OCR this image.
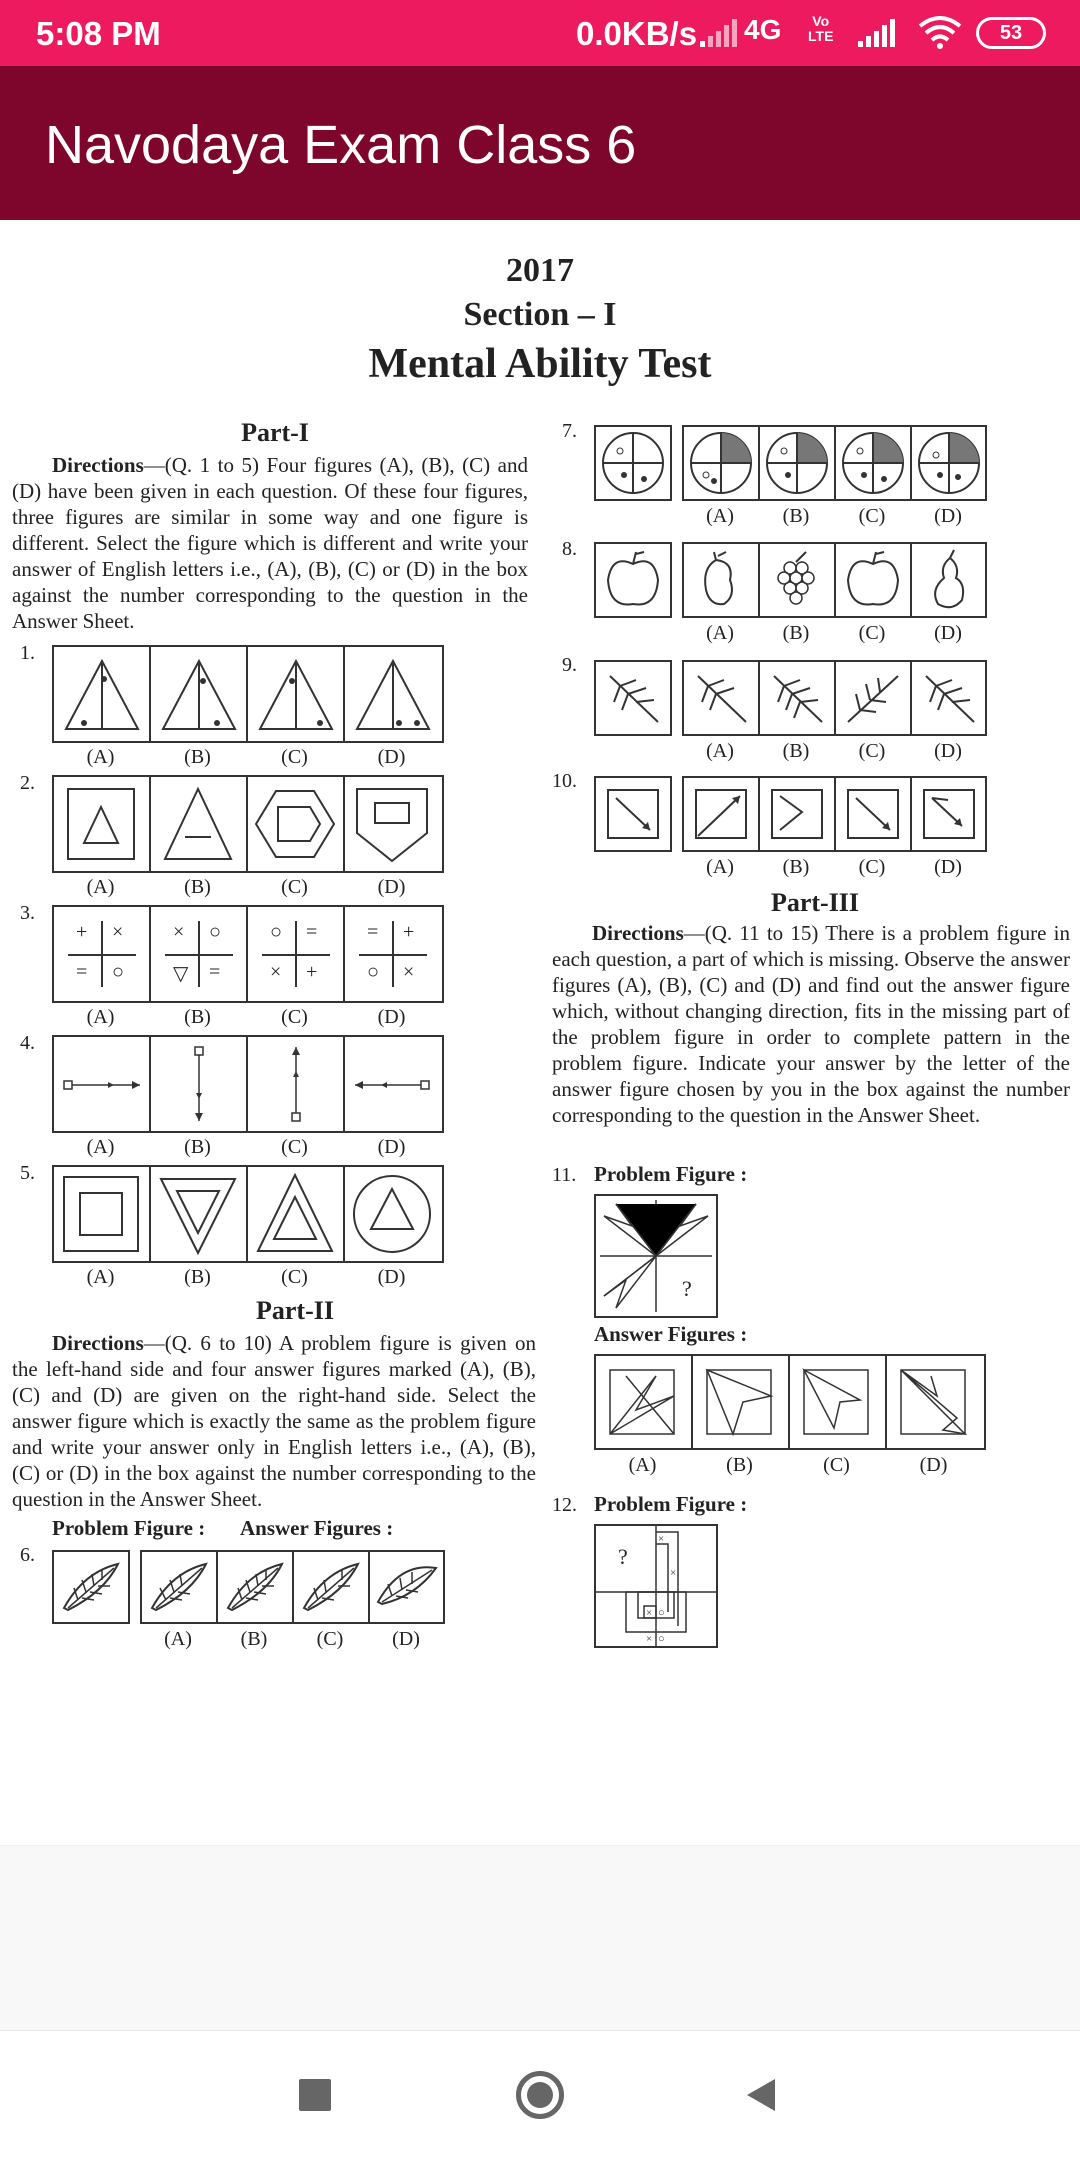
5:08 PM	0.0KB/s 4G	Vo
LTE	53
Navodaya Exam Class 6
2017
Section – I
Mental Ability Test
Part-I
Directions—(Q. 1 to 5) Four figures (A), (B), (C) and (D) have been given in each question. Of these four figures, three figures are similar in some way and one figure is different. Select the figure which is different and write your answer of English letters i.e., (A), (B), (C) or (D) in the box against the number corresponding to the question in the Answer Sheet.
1.
(A)	(B)	(C)	(D)
2.
(A)	(B)	(C)	(D)
3.
+ ×
= ○
× ○
▽ =
○ =
× +
= +
○ ×
(A)	(B)	(C)	(D)
4.
(A)	(B)	(C)	(D)
5.
(A)	(B)	(C)	(D)
Part-II
Directions—(Q. 6 to 10) A problem figure is given on the left-hand side and four answer figures marked (A), (B), (C) and (D) are given on the right-hand side. Select the answer figure which is exactly the same as the problem figure and write your answer only in English letters i.e., (A), (B), (C) or (D) in the box against the number corresponding to the question in the Answer Sheet.
Problem Figure : Answer Figures :
6.
(A)	(B)	(C)	(D)
7.
(A)	(B)	(C)	(D)
8.
(A)	(B)	(C)	(D)
9.
(A)	(B)	(C)	(D)
10.
(A)	(B)	(C)	(D)
Part-III
Directions—(Q. 11 to 15) There is a problem figure in each question, a part of which is missing. Observe the answer figures (A), (B), (C) and (D) and find out the answer figure which, without changing direction, fits in the missing part of the problem figure in order to complete pattern in the problem figure. Indicate your answer by the letter of the answer figure chosen by you in the box against the number corresponding to the question in the Answer Sheet.
11. Problem Figure :
?
Answer Figures :
(A)	(B)	(C)	(D)
12. Problem Figure :
×
×
× ○
× ○
?
